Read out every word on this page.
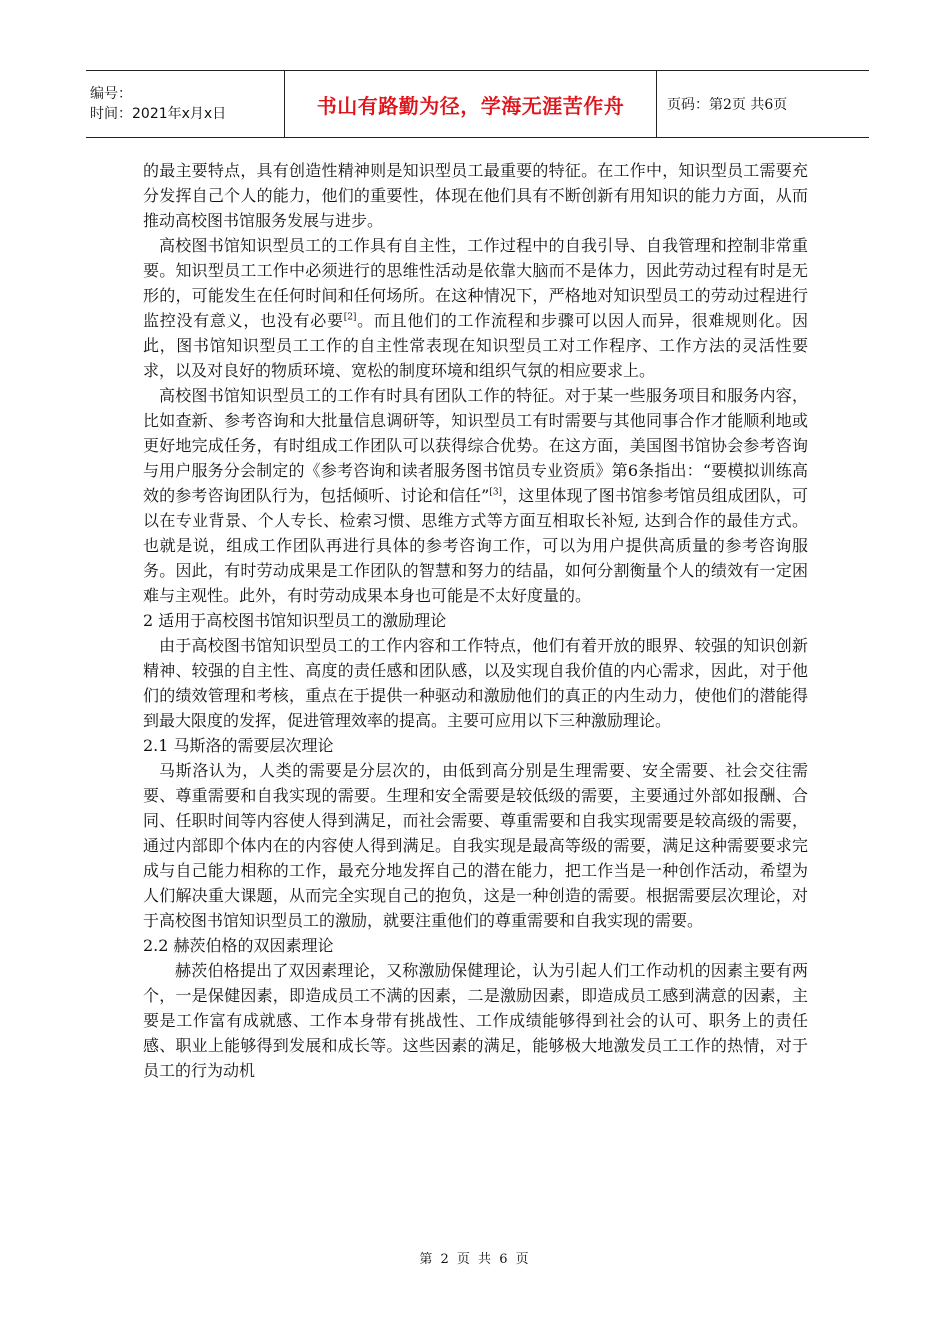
编号：
时间：2021年x月x日	书山有路勤为径，学海无涯苦作舟	页码：第2页 共6页

的最主要特点，具有创造性精神则是知识型员工最重要的特征。在工作中，知识型员工需要充分发挥自己个人的能力，他们的重要性，体现在他们具有不断创新有用知识的能力方面，从而推动高校图书馆服务发展与进步。

高校图书馆知识型员工的工作具有自主性，工作过程中的自我引导、自我管理和控制非常重要。知识型员工工作中必须进行的思维性活动是依靠大脑而不是体力，因此劳动过程有时是无形的，可能发生在任何时间和任何场所。在这种情况下，严格地对知识型员工的劳动过程进行监控没有意义，也没有必要[2]。而且他们的工作流程和步骤可以因人而异，很难规则化。因此，图书馆知识型员工工作的自主性常表现在知识型员工对工作程序、工作方法的灵活性要求，以及对良好的物质环境、宽松的制度环境和组织气氛的相应要求上。

高校图书馆知识型员工的工作有时具有团队工作的特征。对于某一些服务项目和服务内容，比如查新、参考咨询和大批量信息调研等，知识型员工有时需要与其他同事合作才能顺利地或更好地完成任务，有时组成工作团队可以获得综合优势。在这方面，美国图书馆协会参考咨询与用户服务分会制定的《参考咨询和读者服务图书馆员专业资质》第6条指出：“要模拟训练高效的参考咨询团队行为，包括倾听、讨论和信任”[3]，这里体现了图书馆参考馆员组成团队，可以在专业背景、个人专长、检索习惯、思维方式等方面互相取长补短, 达到合作的最佳方式。也就是说，组成工作团队再进行具体的参考咨询工作，可以为用户提供高质量的参考咨询服务。因此，有时劳动成果是工作团队的智慧和努力的结晶，如何分割衡量个人的绩效有一定困难与主观性。此外，有时劳动成果本身也可能是不太好度量的。

2 适用于高校图书馆知识型员工的激励理论

由于高校图书馆知识型员工的工作内容和工作特点，他们有着开放的眼界、较强的知识创新精神、较强的自主性、高度的责任感和团队感，以及实现自我价值的内心需求，因此，对于他们的绩效管理和考核，重点在于提供一种驱动和激励他们的真正的内生动力，使他们的潜能得到最大限度的发挥，促进管理效率的提高。主要可应用以下三种激励理论。

2.1 马斯洛的需要层次理论

马斯洛认为，人类的需要是分层次的，由低到高分别是生理需要、安全需要、社会交往需要、尊重需要和自我实现的需要。生理和安全需要是较低级的需要，主要通过外部如报酬、合同、任职时间等内容使人得到满足，而社会需要、尊重需要和自我实现需要是较高级的需要，通过内部即个体内在的内容使人得到满足。自我实现是最高等级的需要，满足这种需要要求完成与自己能力相称的工作，最充分地发挥自己的潜在能力，把工作当是一种创作活动，希望为人们解决重大课题，从而完全实现自己的抱负，这是一种创造的需要。根据需要层次理论，对于高校图书馆知识型员工的激励，就要注重他们的尊重需要和自我实现的需要。

2.2 赫茨伯格的双因素理论

赫茨伯格提出了双因素理论，又称激励保健理论，认为引起人们工作动机的因素主要有两个，一是保健因素，即造成员工不满的因素，二是激励因素，即造成员工感到满意的因素，主要是工作富有成就感、工作本身带有挑战性、工作成绩能够得到社会的认可、职务上的责任感、职业上能够得到发展和成长等。这些因素的满足，能够极大地激发员工工作的热情，对于员工的行为动机

第 2 页 共 6 页
